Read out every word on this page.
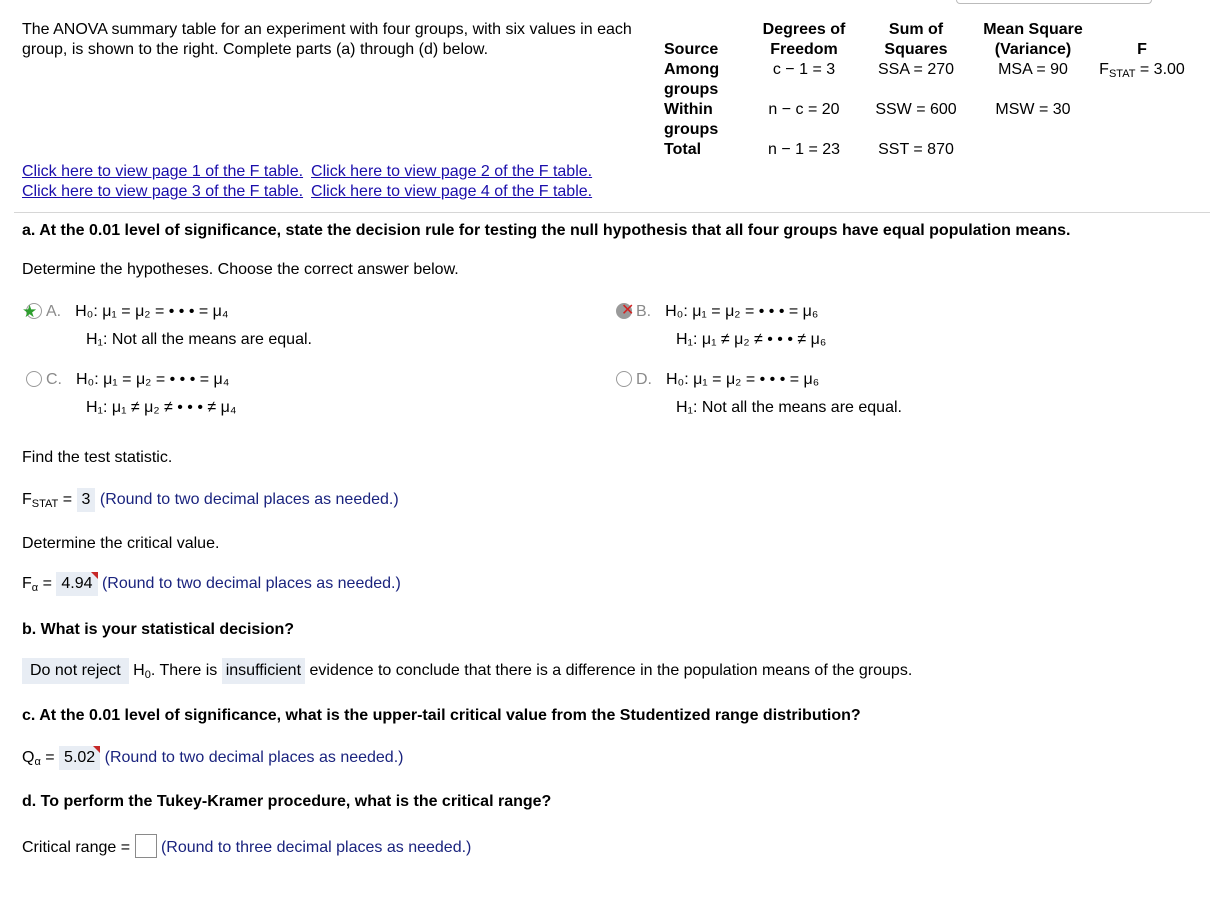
The ANOVA summary table for an experiment with four groups, with six values in each group, is shown to the right. Complete parts (a) through (d) below.	Source	Degrees of Freedom	Sum of Squares	Mean Square (Variance)	F
Among groups	c − 1 = 3	SSA = 270	MSA = 90	$F_{STAT} = 3.00$
Within groups	n − c = 20	SSW = 600	MSW = 30	
Total	n − 1 = 23	SST = 870		
Click here to view page 1 of the F table. Click here to view page 2 of the F table.
Click here to view page 3 of the F table. Click here to view page 4 of the F table.
a. At the 0.01 level of significance, state the decision rule for testing the null hypothesis that all four groups have equal population means.
Determine the hypotheses. Choose the correct answer below.
★ A. H₀: μ₁ = μ₂ = • • • = μ₄
H₁: Not all the means are equal.
✕ B. H₀: μ₁ = μ₂ = • • • = μ₆
H₁: μ₁ ≠ μ₂ ≠ • • • ≠ μ₆
C. H₀: μ₁ = μ₂ = • • • = μ₄
H₁: μ₁ ≠ μ₂ ≠ • • • ≠ μ₄
D. H₀: μ₁ = μ₂ = • • • = μ₆
H₁: Not all the means are equal.
Find the test statistic.
$F_{STAT} = 3$ (Round to two decimal places as needed.)
Determine the critical value.
$F_\alpha = 4.94$ (Round to two decimal places as needed.)
b. What is your statistical decision?
Do not reject $H_0$. There is insufficient evidence to conclude that there is a difference in the population means of the groups.
c. At the 0.01 level of significance, what is the upper-tail critical value from the Studentized range distribution?
$Q_\alpha = 5.02$ (Round to two decimal places as needed.)
d. To perform the Tukey-Kramer procedure, what is the critical range?
Critical range = (Round to three decimal places as needed.)
